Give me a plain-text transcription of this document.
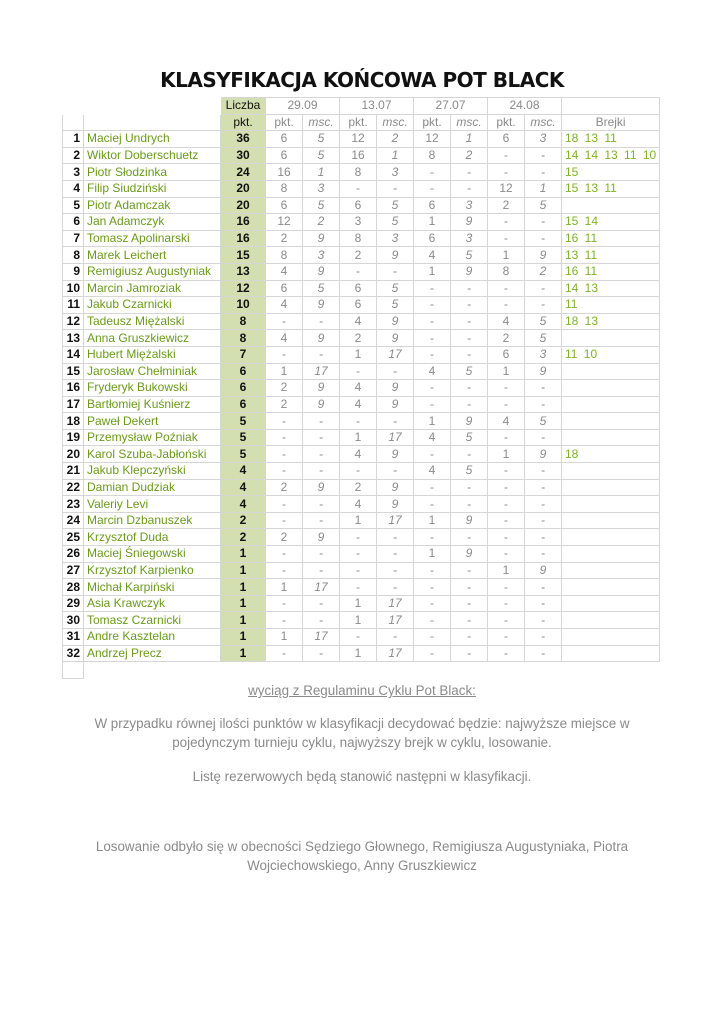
KLASYFIKACJA KOŃCOWA POT BLACK
		Liczba	29.09		13.07		27.07		24.08		
		pkt.	pkt.	msc.	pkt.	msc.	pkt.	msc.	pkt.	msc.	Brejki
1	Maciej Undrych	36	6	5	12	2	12	1	6	3	18 13 11
2	Wiktor Doberschuetz	30	6	5	16	1	8	2	-	-	14 14 13 11 10
3	Piotr Słodzinka	24	16	1	8	3	-	-	-	-	15
4	Filip Siudziński	20	8	3	-	-	-	-	12	1	15 13 11
5	Piotr Adamczak	20	6	5	6	5	6	3	2	5	
6	Jan Adamczyk	16	12	2	3	5	1	9	-	-	15 14
7	Tomasz Apolinarski	16	2	9	8	3	6	3	-	-	16 11
8	Marek Leichert	15	8	3	2	9	4	5	1	9	13 11
9	Remigiusz Augustyniak	13	4	9	-	-	1	9	8	2	16 11
10	Marcin Jamroziak	12	6	5	6	5	-	-	-	-	14 13
11	Jakub Czarnicki	10	4	9	6	5	-	-	-	-	11
12	Tadeusz Miężalski	8	-	-	4	9	-	-	4	5	18 13
13	Anna Gruszkiewicz	8	4	9	2	9	-	-	2	5	
14	Hubert Miężalski	7	-	-	1	17	-	-	6	3	11 10
15	Jarosław Chełminiak	6	1	17	-	-	4	5	1	9	
16	Fryderyk Bukowski	6	2	9	4	9	-	-	-	-	
17	Bartłomiej Kuśnierz	6	2	9	4	9	-	-	-	-	
18	Paweł Dekert	5	-	-	-	-	1	9	4	5	
19	Przemysław Poźniak	5	-	-	1	17	4	5	-	-	
20	Karol Szuba-Jabłoński	5	-	-	4	9	-	-	1	9	18
21	Jakub Klepczyński	4	-	-	-	-	4	5	-	-	
22	Damian Dudziak	4	2	9	2	9	-	-	-	-	
23	Valeriy Levi	4	-	-	4	9	-	-	-	-	
24	Marcin Dzbanuszek	2	-	-	1	17	1	9	-	-	
25	Krzysztof Duda	2	2	9	-	-	-	-	-	-	
26	Maciej Śniegowski	1	-	-	-	-	1	9	-	-	
27	Krzysztof Karpienko	1	-	-	-	-	-	-	1	9	
28	Michał Karpiński	1	1	17	-	-	-	-	-	-	
29	Asia Krawczyk	1	-	-	1	17	-	-	-	-	
30	Tomasz Czarnicki	1	-	-	1	17	-	-	-	-	
31	Andre Kasztelan	1	1	17	-	-	-	-	-	-	
32	Andrzej Precz	1	-	-	1	17	-	-	-	-	

wyciąg z Regulaminu Cyklu Pot Black:
W przypadku równej ilości punktów w klasyfikacji decydować będzie: najwyższe miejsce w
pojedynczym turnieju cyklu, najwyższy brejk w cyklu, losowanie.
Listę rezerwowych będą stanowić następni w klasyfikacji.
Losowanie odbyło się w obecności Sędziego Głownego, Remigiusza Augustyniaka, Piotra
Wojciechowskiego, Anny Gruszkiewicz
